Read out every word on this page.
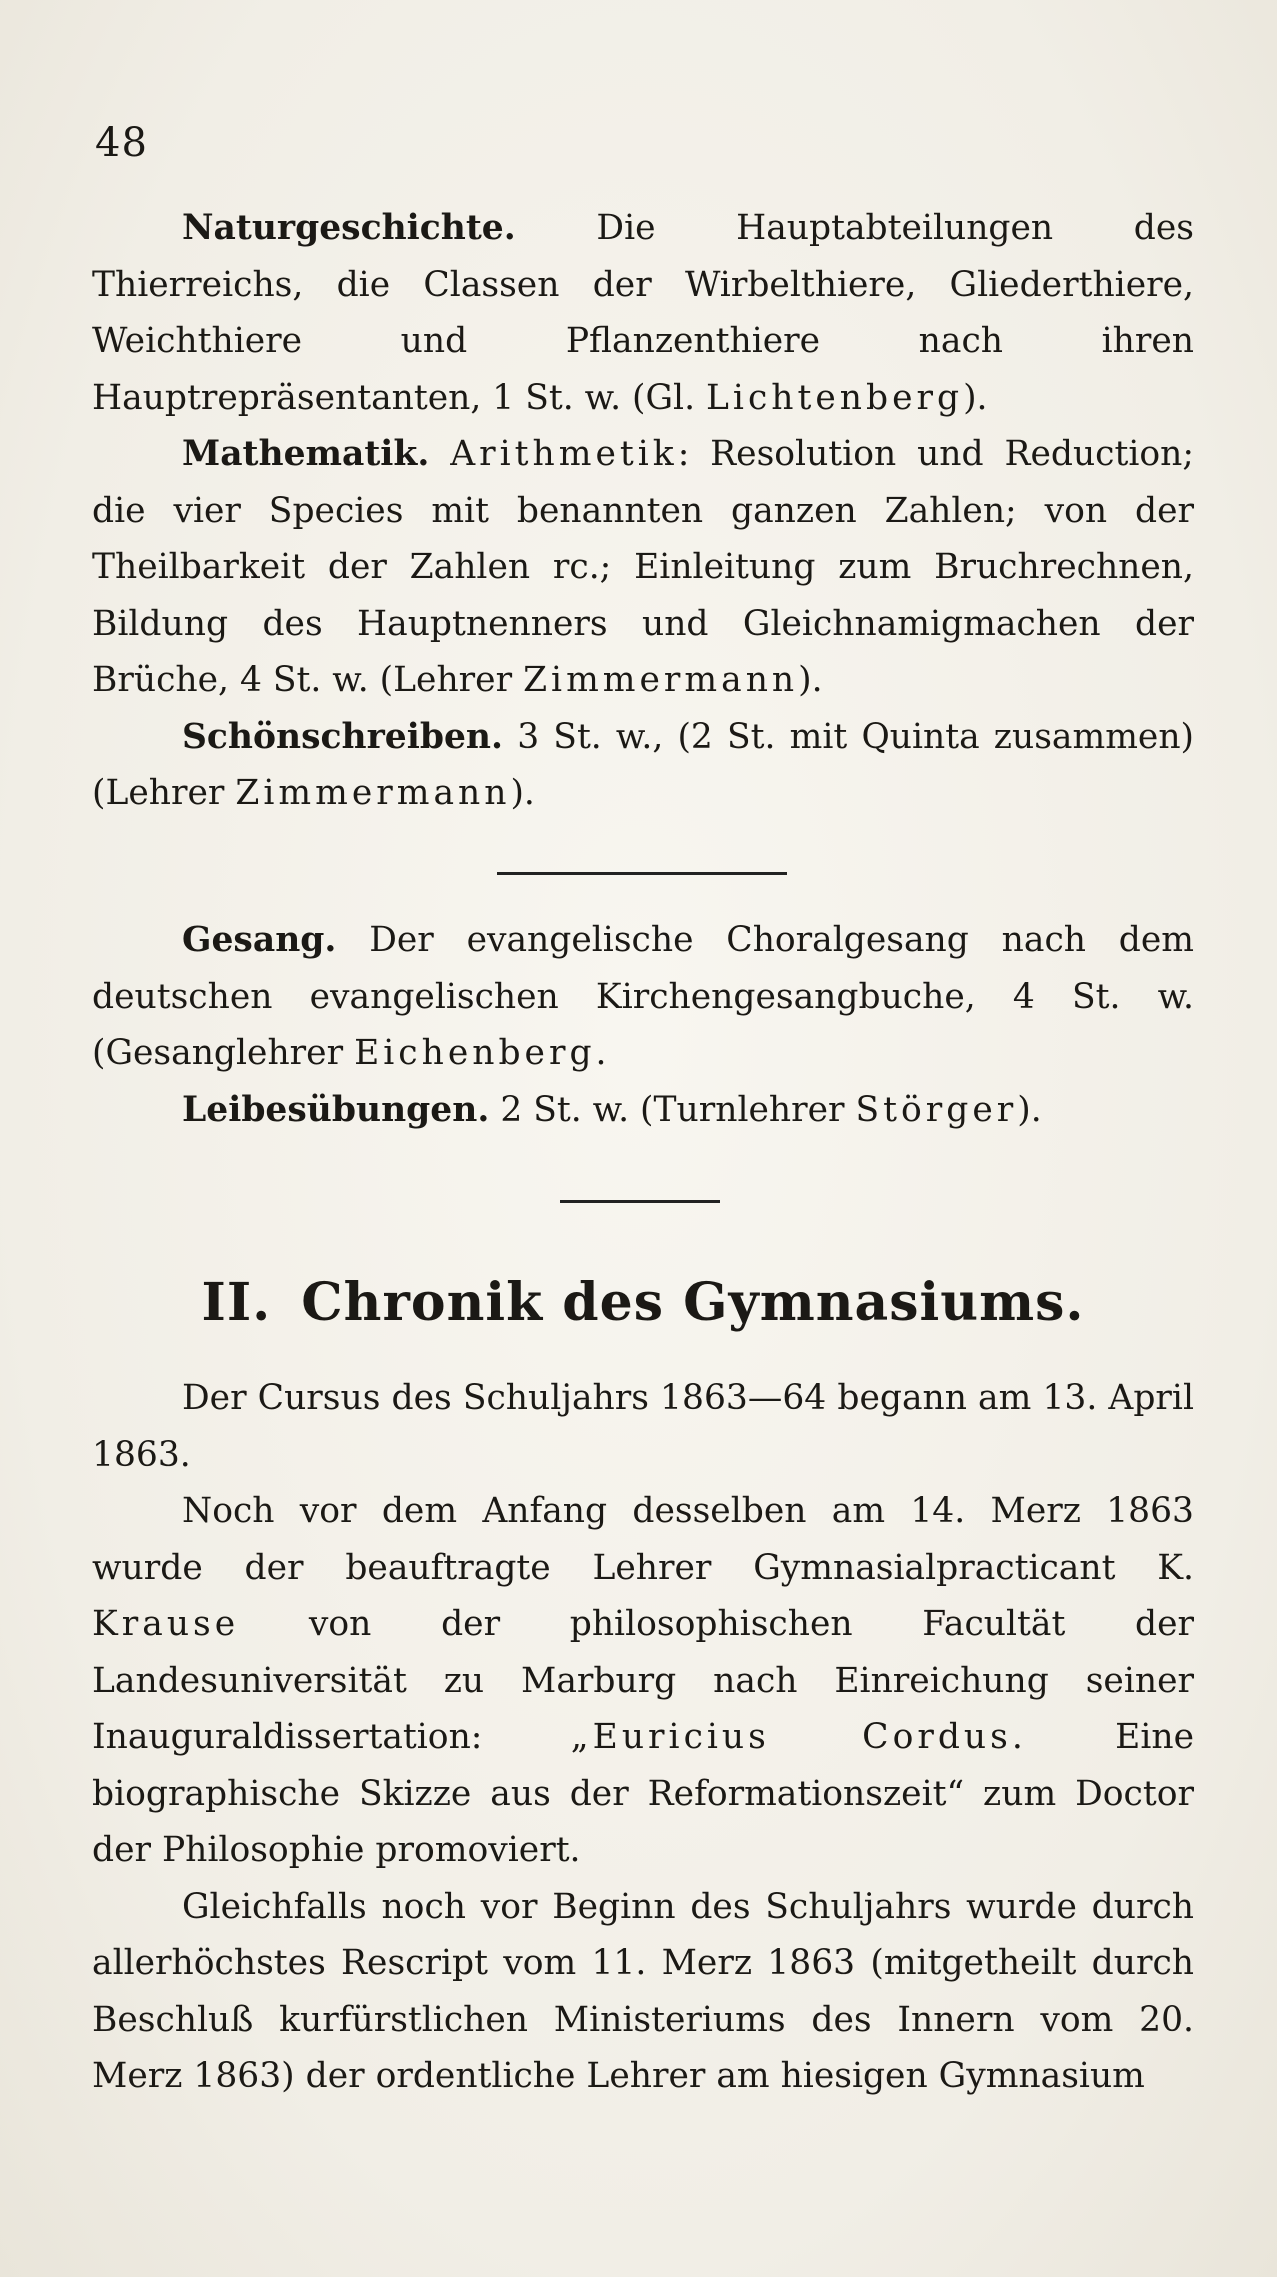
48

Naturgeschichte. Die Hauptabteilungen des Thierreichs, die Classen der Wirbelthiere, Gliederthiere, Weichthiere und Pflanzenthiere nach ihren Hauptrepräsentanten, 1 St. w. (Gl. Lichtenberg).

Mathematik. Arithmetik: Resolution und Reduction; die vier Species mit benannten ganzen Zahlen; von der Theilbarkeit der Zahlen rc.; Einleitung zum Bruchrechnen, Bildung des Hauptnenners und Gleichnamigmachen der Brüche, 4 St. w. (Lehrer Zimmermann).

Schönschreiben. 3 St. w., (2 St. mit Quinta zusammen) (Lehrer Zimmermann).

Gesang. Der evangelische Choralgesang nach dem deutschen evangelischen Kirchengesangbuche, 4 St. w. (Gesanglehrer Eichenberg.

Leibesübungen. 2 St. w. (Turnlehrer Störger).

II. Chronik des Gymnasiums.

Der Cursus des Schuljahrs 1863—64 begann am 13. April 1863.

Noch vor dem Anfang desselben am 14. Merz 1863 wurde der beauftragte Lehrer Gymnasialpracticant K. Krause von der philosophischen Facultät der Landesuniversität zu Marburg nach Einreichung seiner Inauguraldissertation:	„Euricius Cordus.	Eine biographische Skizze aus der Reformationszeit“ zum Doctor der Philosophie promoviert.

Gleichfalls noch vor Beginn des Schuljahrs wurde durch allerhöchstes Rescript vom 11. Merz 1863 (mitgetheilt durch Beschluß kurfürstlichen Ministeriums des Innern vom 20. Merz 1863) der ordentliche Lehrer am hiesigen Gymnasium
